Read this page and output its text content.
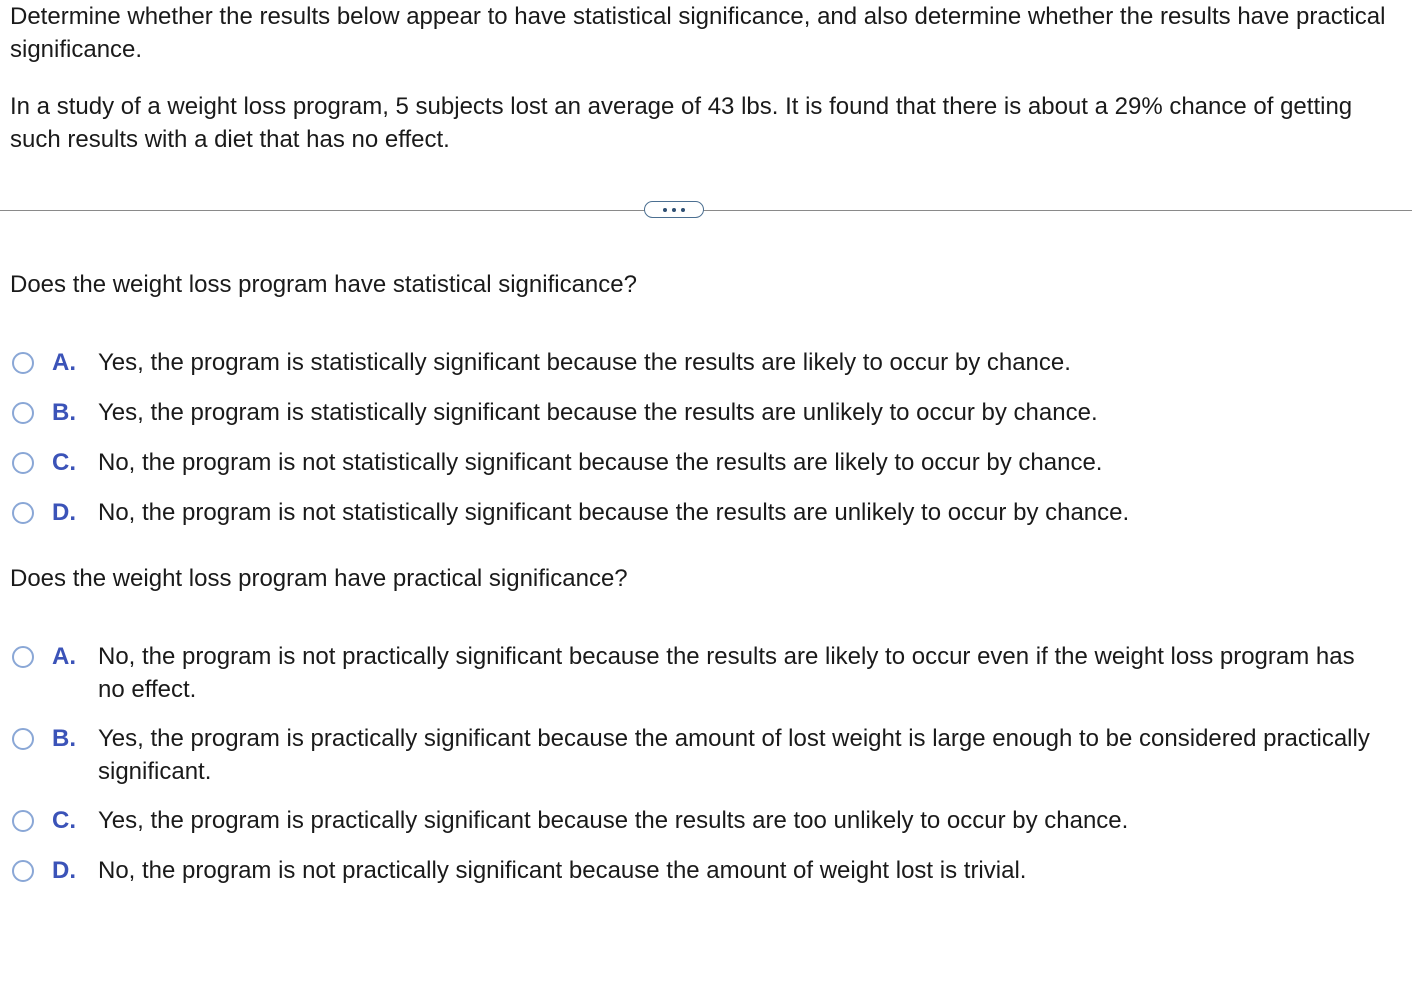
Determine whether the results below appear to have statistical significance, and also determine whether the results have practical significance.
In a study of a weight loss program, 5 subjects lost an average of 43 lbs. It is found that there is about a 29% chance of getting such results with a diet that has no effect.
Does the weight loss program have statistical significance?
A. Yes, the program is statistically significant because the results are likely to occur by chance.
B. Yes, the program is statistically significant because the results are unlikely to occur by chance.
C. No, the program is not statistically significant because the results are likely to occur by chance.
D. No, the program is not statistically significant because the results are unlikely to occur by chance.
Does the weight loss program have practical significance?
A. No, the program is not practically significant because the results are likely to occur even if the weight loss program has no effect.
B. Yes, the program is practically significant because the amount of lost weight is large enough to be considered practically significant.
C. Yes, the program is practically significant because the results are too unlikely to occur by chance.
D. No, the program is not practically significant because the amount of weight lost is trivial.
